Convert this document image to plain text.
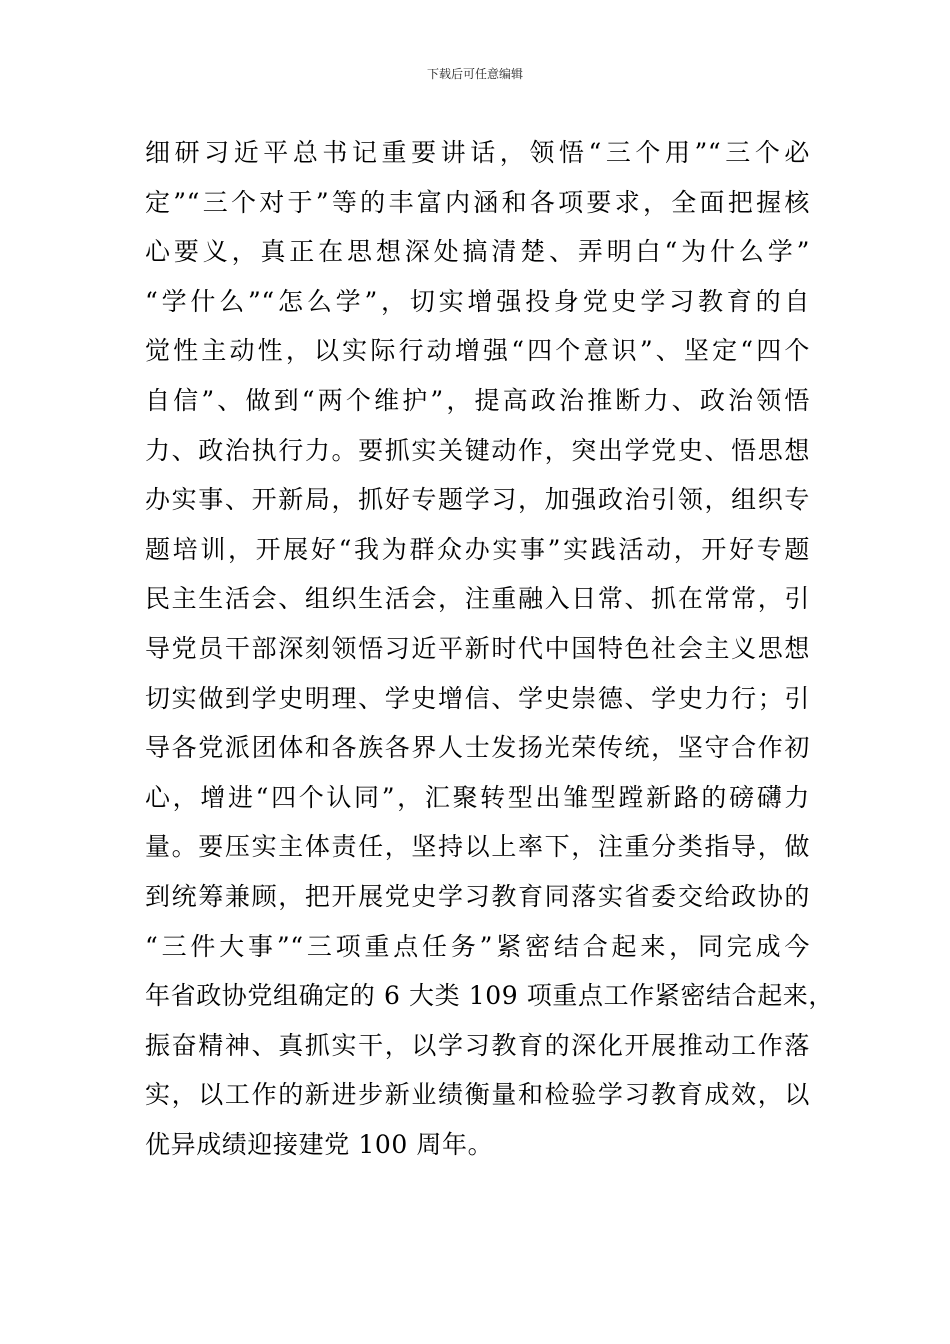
下载后可任意编辑
细研习近平总书记重要讲话，领悟“三个用”“三个必
定”“三个对于”等的丰富内涵和各项要求，全面把握核
心要义，真正在思想深处搞清楚、弄明白“为什么学”
“学什么”“怎么学”，切实增强投身党史学习教育的自
觉性主动性，以实际行动增强“四个意识”、坚定“四个
自信”、做到“两个维护”，提高政治推断力、政治领悟
力、政治执行力。要抓实关键动作，突出学党史、悟思想
办实事、开新局，抓好专题学习，加强政治引领，组织专
题培训，开展好“我为群众办实事”实践活动，开好专题
民主生活会、组织生活会，注重融入日常、抓在常常，引
导党员干部深刻领悟习近平新时代中国特色社会主义思想
切实做到学史明理、学史增信、学史崇德、学史力行；引
导各党派团体和各族各界人士发扬光荣传统，坚守合作初
心，增进“四个认同”，汇聚转型出雏型蹚新路的磅礴力
量。要压实主体责任，坚持以上率下，注重分类指导，做
到统筹兼顾，把开展党史学习教育同落实省委交给政协的
“三件大事”“三项重点任务”紧密结合起来，同完成今
年省政协党组确定的 6 大类 109 项重点工作紧密结合起来，
振奋精神、真抓实干，以学习教育的深化开展推动工作落
实，以工作的新进步新业绩衡量和检验学习教育成效，以
优异成绩迎接建党 100 周年。
